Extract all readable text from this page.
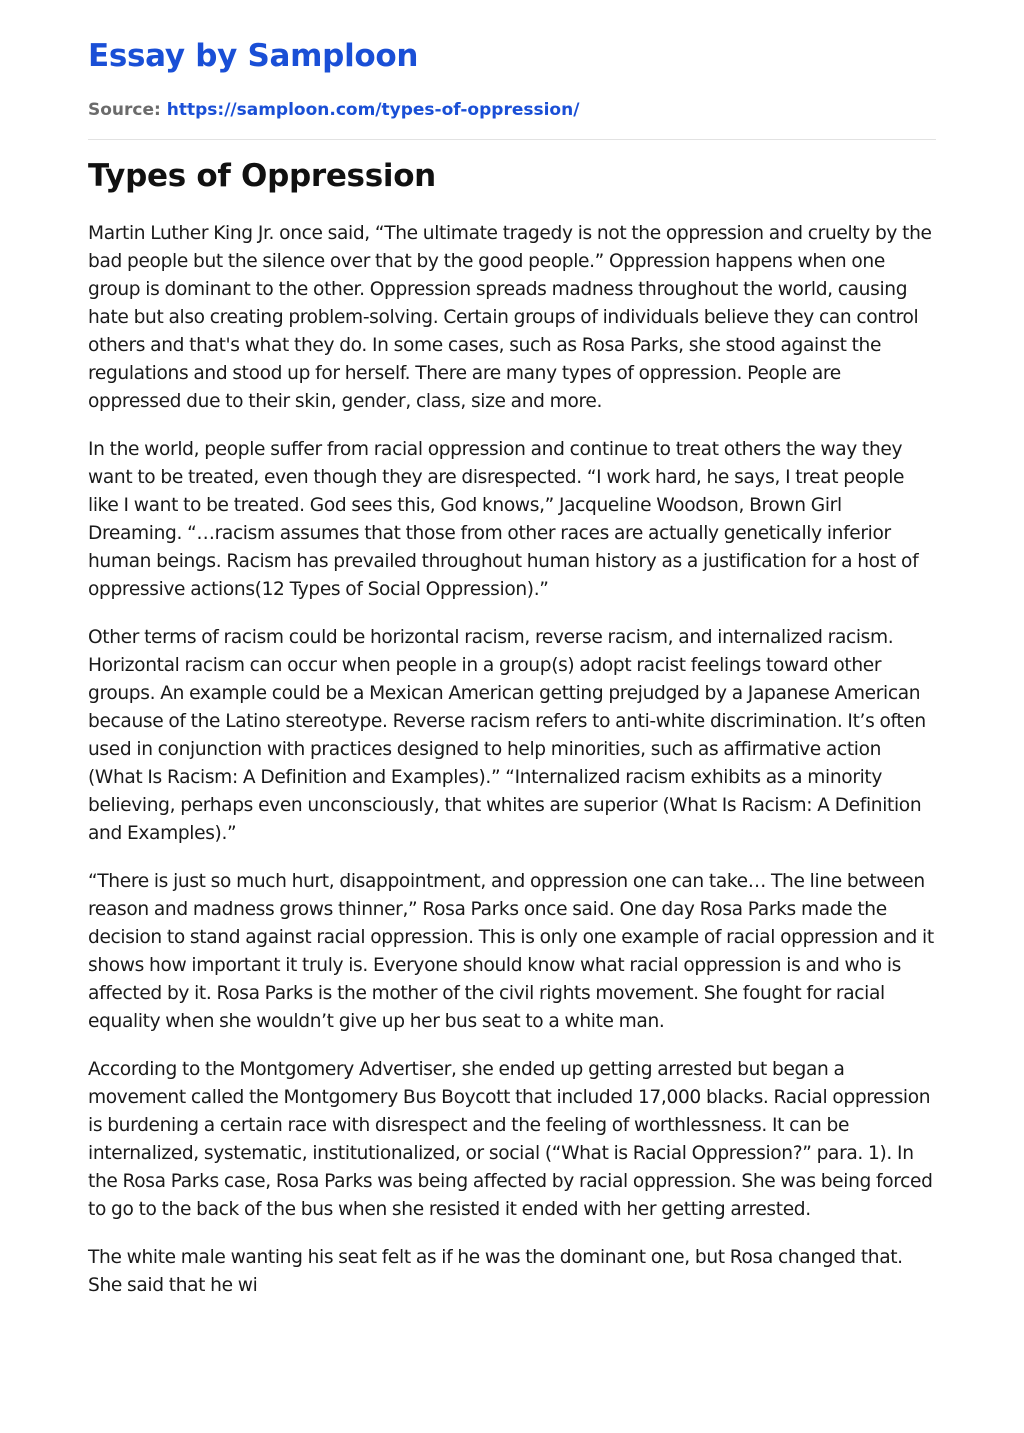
Essay by Samploon
Source: https://samploon.com/types-of-oppression/
Types of Oppression

Martin Luther King Jr. once said, “The ultimate tragedy is not the oppression and cruelty by the bad people but the silence over that by the good people.” Oppression happens when one group is dominant to the other. Oppression spreads madness throughout the world, causing hate but also creating problem-solving. Certain groups of individuals believe they can control others and that's what they do. In some cases, such as Rosa Parks, she stood against the regulations and stood up for herself. There are many types of oppression. People are oppressed due to their skin, gender, class, size and more.

In the world, people suffer from racial oppression and continue to treat others the way they want to be treated, even though they are disrespected. “I work hard, he says, I treat people like I want to be treated. God sees this, God knows,” Jacqueline Woodson, Brown Girl Dreaming. “…racism assumes that those from other races are actually genetically inferior human beings. Racism has prevailed throughout human history as a justification for a host of oppressive actions(12 Types of Social Oppression).”

Other terms of racism could be horizontal racism, reverse racism, and internalized racism. Horizontal racism can occur when people in a group(s) adopt racist feelings toward other groups. An example could be a Mexican American getting prejudged by a Japanese American because of the Latino stereotype. Reverse racism refers to anti-white discrimination. It’s often used in conjunction with practices designed to help minorities, such as affirmative action (What Is Racism: A Definition and Examples).” “Internalized racism exhibits as a minority believing, perhaps even unconsciously, that whites are superior (What Is Racism: A Definition and Examples).”

“There is just so much hurt, disappointment, and oppression one can take… The line between reason and madness grows thinner,” Rosa Parks once said. One day Rosa Parks made the decision to stand against racial oppression. This is only one example of racial oppression and it shows how important it truly is. Everyone should know what racial oppression is and who is affected by it. Rosa Parks is the mother of the civil rights movement. She fought for racial equality when she wouldn’t give up her bus seat to a white man.

According to the Montgomery Advertiser, she ended up getting arrested but began a movement called the Montgomery Bus Boycott that included 17,000 blacks. Racial oppression is burdening a certain race with disrespect and the feeling of worthlessness. It can be internalized, systematic, institutionalized, or social (“What is Racial Oppression?” para. 1). In the Rosa Parks case, Rosa Parks was being affected by racial oppression. She was being forced to go to the back of the bus when she resisted it ended with her getting arrested.

The white male wanting his seat felt as if he was the dominant one, but Rosa changed that. She said that he wi
